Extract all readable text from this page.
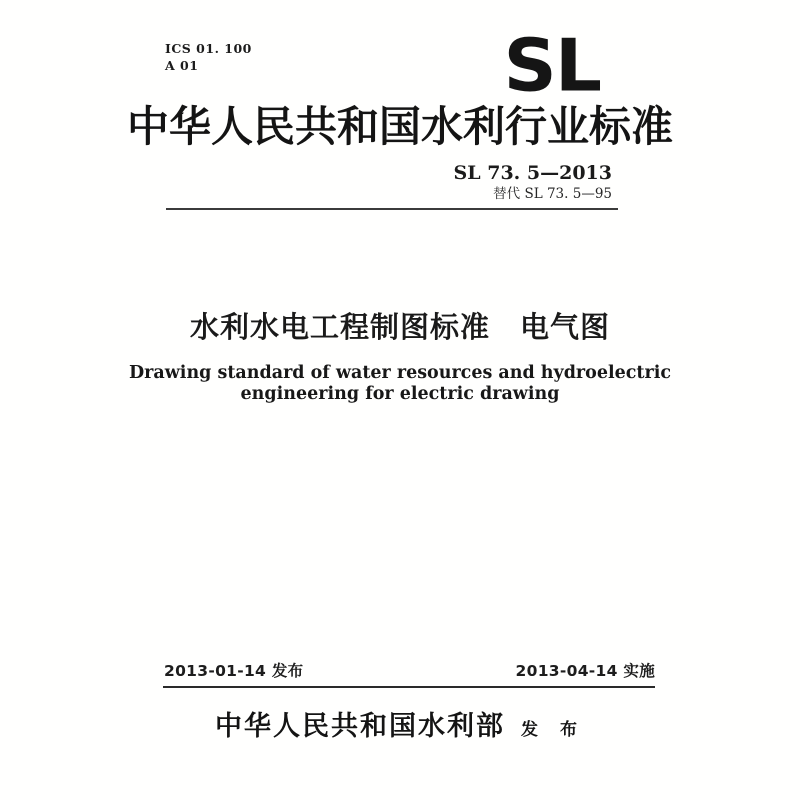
ICS 01. 100
A 01	SL
中华人民共和国水利行业标准
SL 73. 5—2013
替代 SL 73. 5—95
水利水电工程制图标准　电气图
Drawing standard of water resources and hydroelectric
engineering for electric drawing
2013-01-14 发布	2013-04-14 实施
中华人民共和国水利部 发 布
